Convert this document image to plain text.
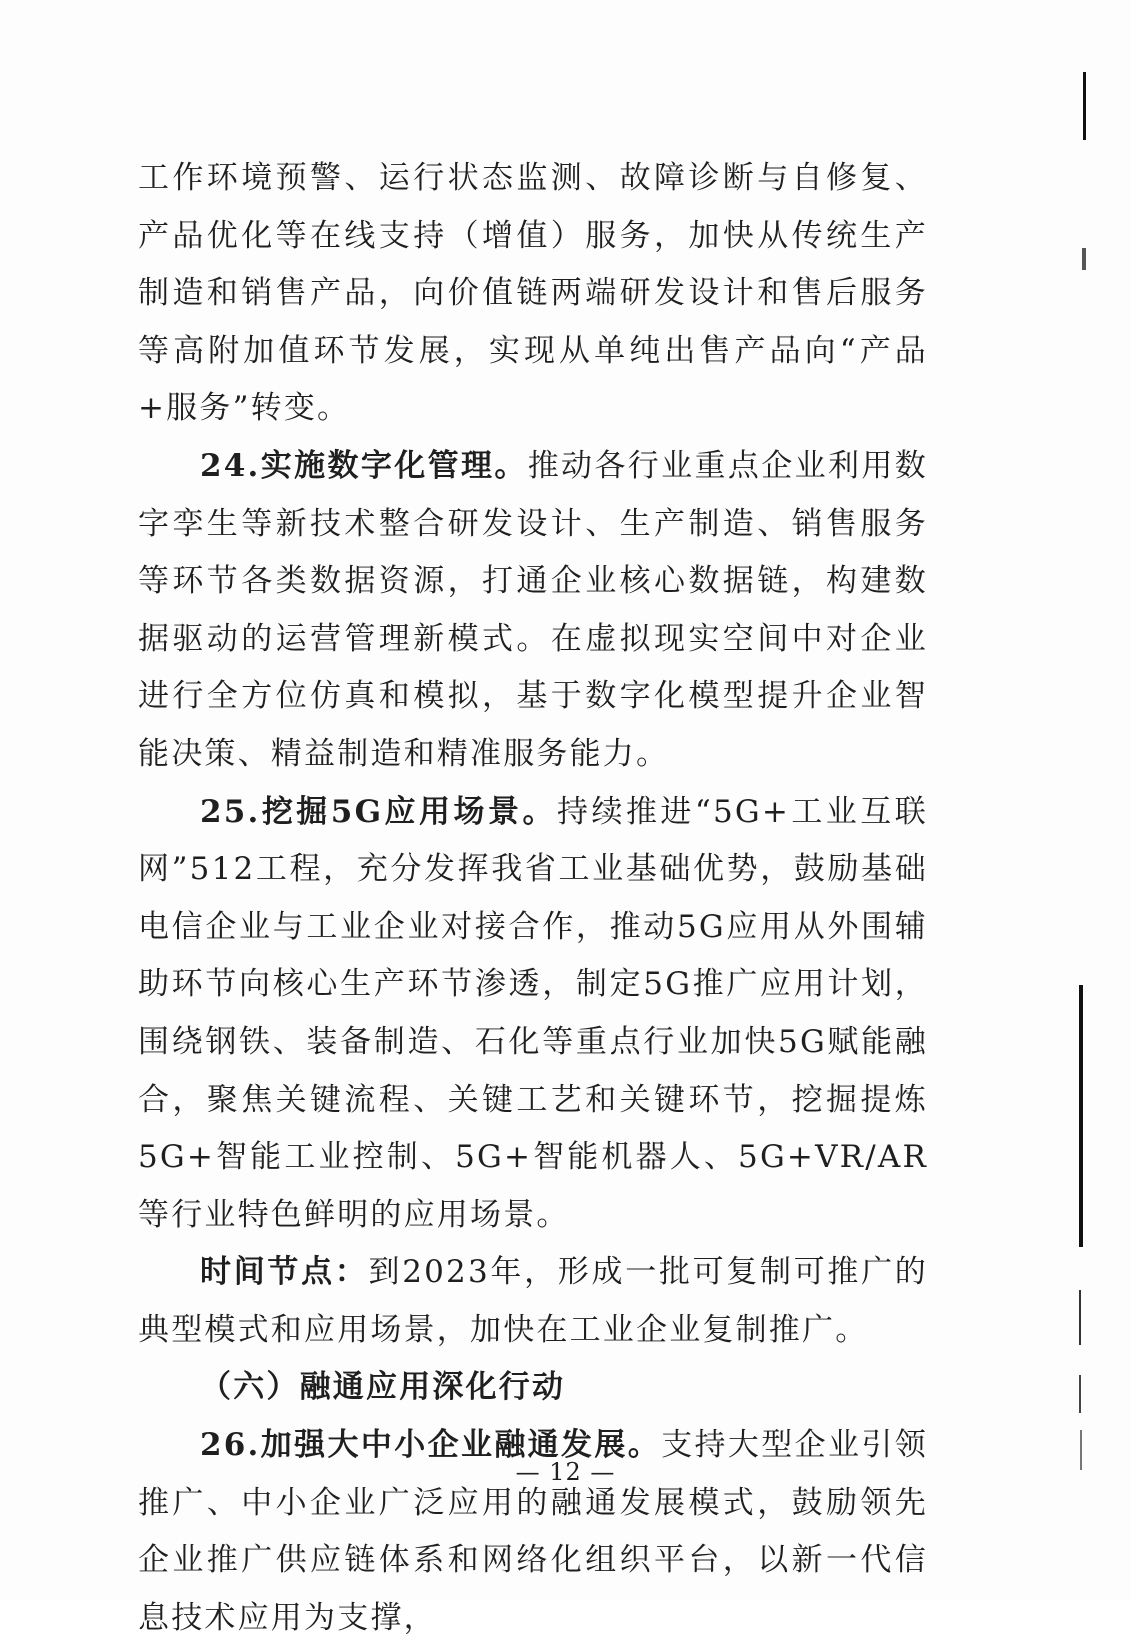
工作环境预警、运行状态监测、故障诊断与自修复、产品优化等在线支持（增值）服务，加快从传统生产制造和销售产品，向价值链两端研发设计和售后服务等高附加值环节发展，实现从单纯出售产品向“产品+服务”转变。

24.实施数字化管理。推动各行业重点企业利用数字孪生等新技术整合研发设计、生产制造、销售服务等环节各类数据资源，打通企业核心数据链，构建数据驱动的运营管理新模式。在虚拟现实空间中对企业进行全方位仿真和模拟，基于数字化模型提升企业智能决策、精益制造和精准服务能力。

25.挖掘5G应用场景。持续推进“5G+工业互联网”512工程，充分发挥我省工业基础优势，鼓励基础电信企业与工业企业对接合作，推动5G应用从外围辅助环节向核心生产环节渗透，制定5G推广应用计划，围绕钢铁、装备制造、石化等重点行业加快5G赋能融合，聚焦关键流程、关键工艺和关键环节，挖掘提炼5G+智能工业控制、5G+智能机器人、5G+VR/AR等行业特色鲜明的应用场景。

时间节点：到2023年，形成一批可复制可推广的典型模式和应用场景，加快在工业企业复制推广。

（六）融通应用深化行动

26.加强大中小企业融通发展。支持大型企业引领推广、中小企业广泛应用的融通发展模式，鼓励领先企业推广供应链体系和网络化组织平台，以新一代信息技术应用为支撑，

— 12 —
